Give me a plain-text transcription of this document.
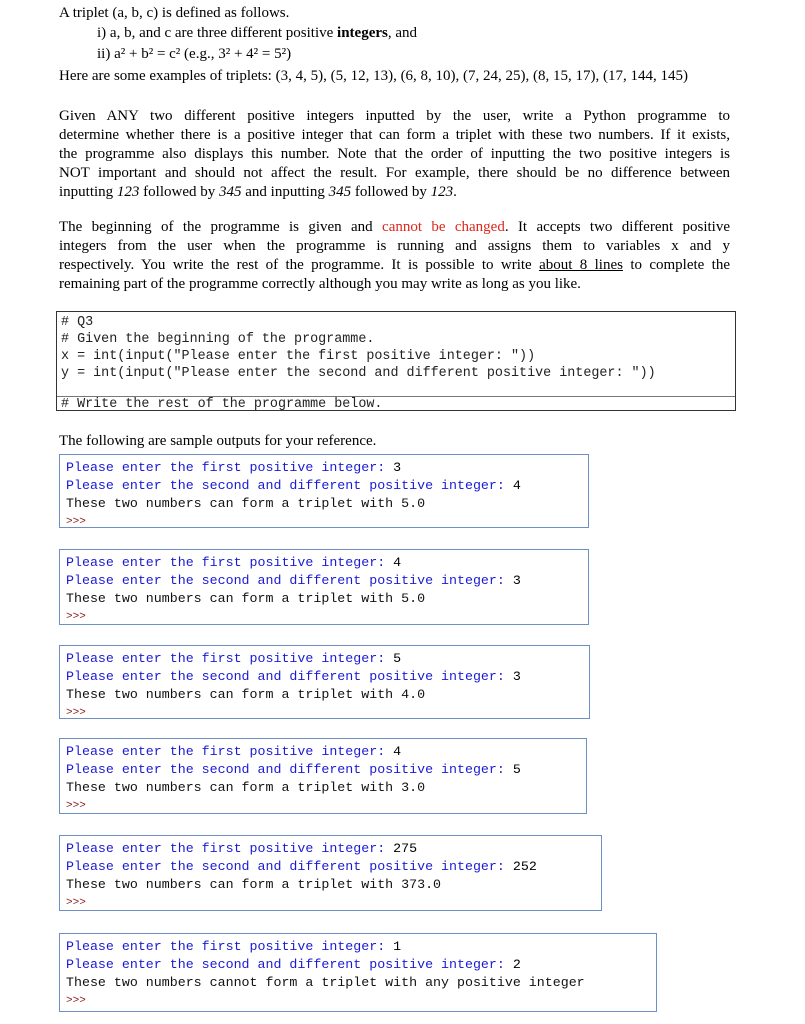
A triplet (a, b, c) is defined as follows.
i) a, b, and c are three different positive integers, and
ii) a² + b² = c² (e.g., 3² + 4² = 5²)
Here are some examples of triplets: (3, 4, 5), (5, 12, 13), (6, 8, 10), (7, 24, 25), (8, 15, 17), (17, 144, 145)
Given ANY two different positive integers inputted by the user, write a Python programme to
determine whether there is a positive integer that can form a triplet with these two numbers. If it exists,
the programme also displays this number. Note that the order of inputting the two positive integers is
NOT important and should not affect the result. For example, there should be no difference between
inputting 123 followed by 345 and inputting 345 followed by 123.
The beginning of the programme is given and cannot be changed. It accepts two different positive
integers from the user when the programme is running and assigns them to variables x and y
respectively. You write the rest of the programme. It is possible to write about 8 lines to complete the
remaining part of the programme correctly although you may write as long as you like.
# Q3
# Given the beginning of the programme.
x = int(input("Please enter the first positive integer: "))
y = int(input("Please enter the second and different positive integer: "))
# Write the rest of the programme below.
The following are sample outputs for your reference.
Please enter the first positive integer: 3
Please enter the second and different positive integer: 4
These two numbers can form a triplet with 5.0
>>>
Please enter the first positive integer: 4
Please enter the second and different positive integer: 3
These two numbers can form a triplet with 5.0
>>>
Please enter the first positive integer: 5
Please enter the second and different positive integer: 3
These two numbers can form a triplet with 4.0
>>>
Please enter the first positive integer: 4
Please enter the second and different positive integer: 5
These two numbers can form a triplet with 3.0
>>>
Please enter the first positive integer: 275
Please enter the second and different positive integer: 252
These two numbers can form a triplet with 373.0
>>>
Please enter the first positive integer: 1
Please enter the second and different positive integer: 2
These two numbers cannot form a triplet with any positive integer
>>>
